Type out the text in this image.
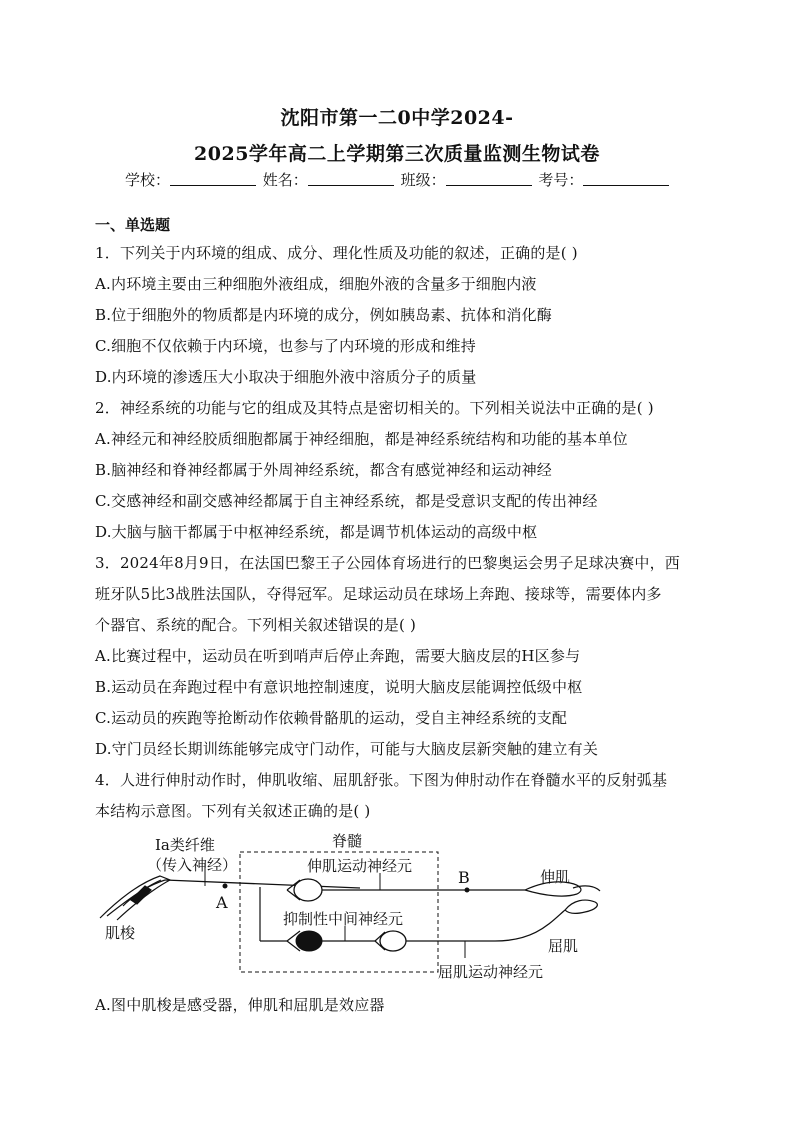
沈阳市第一二0中学2024-
2025学年高二上学期第三次质量监测生物试卷
学校：	姓名：	班级：	考号：
一、单选题
1．下列关于内环境的组成、成分、理化性质及功能的叙述，正确的是( )
A.内环境主要由三种细胞外液组成，细胞外液的含量多于细胞内液
B.位于细胞外的物质都是内环境的成分，例如胰岛素、抗体和消化酶
C.细胞不仅依赖于内环境，也参与了内环境的形成和维持
D.内环境的渗透压大小取决于细胞外液中溶质分子的质量
2．神经系统的功能与它的组成及其特点是密切相关的。下列相关说法中正确的是( )
A.神经元和神经胶质细胞都属于神经细胞，都是神经系统结构和功能的基本单位
B.脑神经和脊神经都属于外周神经系统，都含有感觉神经和运动神经
C.交感神经和副交感神经都属于自主神经系统，都是受意识支配的传出神经
D.大脑与脑干都属于中枢神经系统，都是调节机体运动的高级中枢
3．2024年8月9日，在法国巴黎王子公园体育场进行的巴黎奥运会男子足球决赛中，西
班牙队5比3战胜法国队，夺得冠军。足球运动员在球场上奔跑、接球等，需要体内多
个器官、系统的配合。下列相关叙述错误的是( )
A.比赛过程中，运动员在听到哨声后停止奔跑，需要大脑皮层的H区参与
B.运动员在奔跑过程中有意识地控制速度，说明大脑皮层能调控低级中枢
C.运动员的疾跑等抢断动作依赖骨骼肌的运动，受自主神经系统的支配
D.守门员经长期训练能够完成守门动作，可能与大脑皮层新突触的建立有关
4．人进行伸肘动作时，伸肌收缩、屈肌舒张。下图为伸肘动作在脊髓水平的反射弧基
本结构示意图。下列有关叙述正确的是( )
Ia类纤维
（传入神经）
脊髓
伸肌运动神经元
抑制性中间神经元
屈肌运动神经元
A
B
肌梭
伸肌
屈肌
A.图中肌梭是感受器，伸肌和屈肌是效应器
